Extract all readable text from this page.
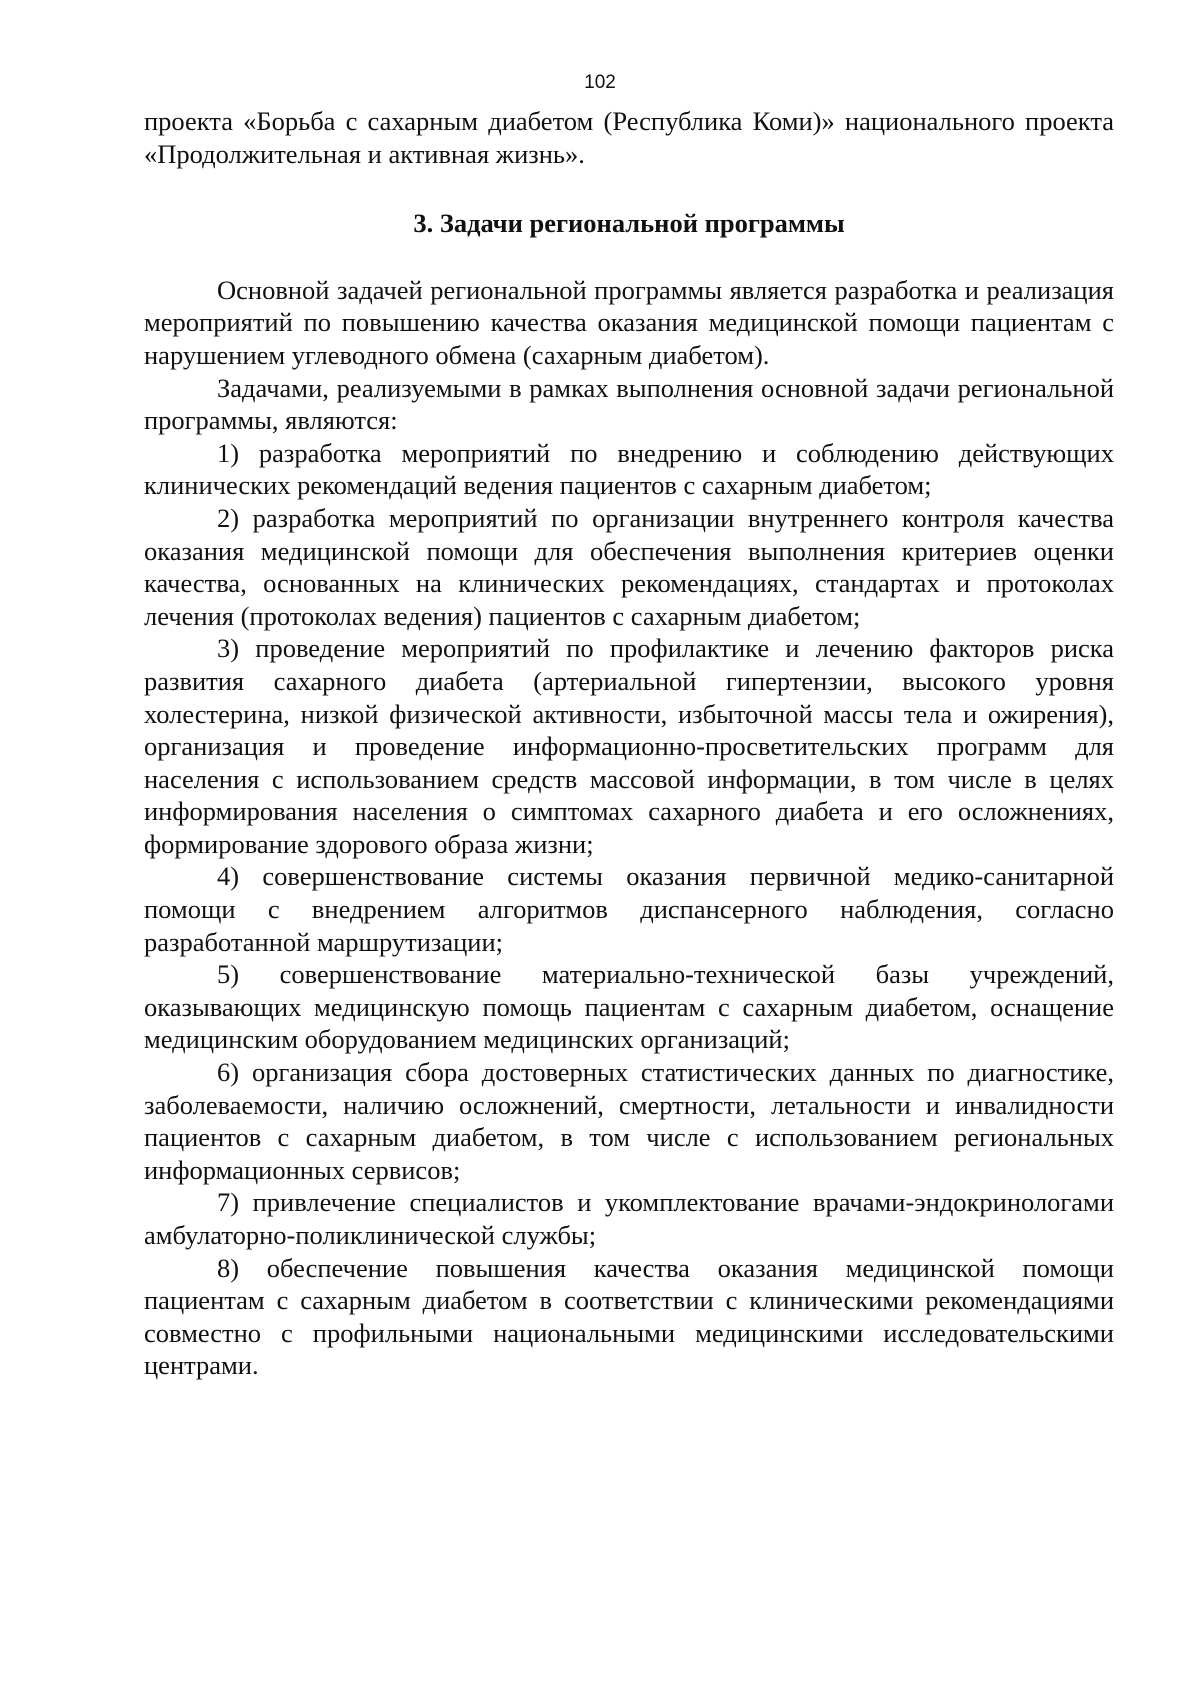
102

проекта «Борьба с сахарным диабетом (Республика Коми)» национального проекта «Продолжительная и активная жизнь».

3. Задачи региональной программы

Основной задачей региональной программы является разработка и реализация мероприятий по повышению качества оказания медицинской помощи пациентам с нарушением углеводного обмена (сахарным диабетом).

Задачами, реализуемыми в рамках выполнения основной задачи региональной программы, являются:

1) разработка мероприятий по внедрению и соблюдению действующих клинических рекомендаций ведения пациентов с сахарным диабетом;

2) разработка мероприятий по организации внутреннего контроля качества оказания медицинской помощи для обеспечения выполнения критериев оценки качества, основанных на клинических рекомендациях, стандартах и протоколах лечения (протоколах ведения) пациентов с сахарным диабетом;

3) проведение мероприятий по профилактике и лечению факторов риска развития сахарного диабета (артериальной гипертензии, высокого уровня холестерина, низкой физической активности, избыточной массы тела и ожирения), организация и проведение информационно-просветительских программ для населения с использованием средств массовой информации, в том числе в целях информирования населения о симптомах сахарного диабета и его осложнениях, формирование здорового образа жизни;

4) совершенствование системы оказания первичной медико-санитарной помощи с внедрением алгоритмов диспансерного наблюдения, согласно разработанной маршрутизации;

5) совершенствование материально-технической базы учреждений, оказывающих медицинскую помощь пациентам с сахарным диабетом, оснащение медицинским оборудованием медицинских организаций;

6) организация сбора достоверных статистических данных по диагностике, заболеваемости, наличию осложнений, смертности, летальности и инвалидности пациентов с сахарным диабетом, в том числе с использованием региональных информационных сервисов;

7) привлечение специалистов и укомплектование врачами-эндокринологами амбулаторно-поликлинической службы;

8) обеспечение повышения качества оказания медицинской помощи пациентам с сахарным диабетом в соответствии с клиническими рекомендациями совместно с профильными национальными медицинскими исследовательскими центрами.
